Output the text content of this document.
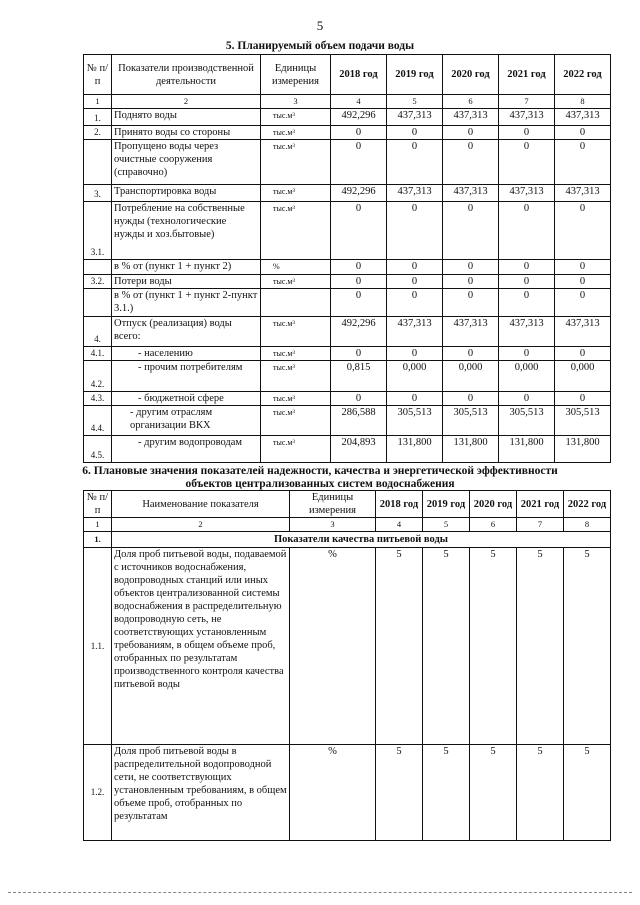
5
5. Планируемый объем подачи воды
№ п/п	Показатели производственной деятельности	Единицы измерения	2018 год	2019 год	2020 год	2021 год	2022 год
1	2	3	4	5	6	7	8
1.	Поднято воды	тыс.м³	492,296	437,313	437,313	437,313	437,313
2.	Принято воды со стороны	тыс.м³	0	0	0	0	0
	Пропущено воды через очистные сооружения (справочно)	тыс.м³	0	0	0	0	0
3.	Транспортировка воды	тыс.м³	492,296	437,313	437,313	437,313	437,313
3.1.	Потребление на собственные нужды (технологические нужды и хоз.бытовые)	тыс.м³	0	0	0	0	0
	в % от (пункт 1 + пункт 2)	%	0	0	0	0	0
3.2.	Потери воды	тыс.м³	0	0	0	0	0
	в % от (пункт 1 + пункт 2-пункт 3.1.)		0	0	0	0	0
4.	Отпуск (реализация) воды всего:	тыс.м³	492,296	437,313	437,313	437,313	437,313
4.1.	- населению	тыс.м³	0	0	0	0	0
4.2.	- прочим потребителям	тыс.м³	0,815	0,000	0,000	0,000	0,000
4.3.	- бюджетной сфере	тыс.м³	0	0	0	0	0
4.4.	- другим отраслям организации ВКХ	тыс.м³	286,588	305,513	305,513	305,513	305,513
4.5.	- другим водопроводам	тыс.м³	204,893	131,800	131,800	131,800	131,800
6. Плановые значения показателей надежности, качества и энергетической эффективности
объектов централизованных систем водоснабжения
№ п/п	Наименование показателя	Единицы измерения	2018 год	2019 год	2020 год	2021 год	2022 год
1	2	3	4	5	6	7	8
1.	Показатели качества питьевой воды						
1.1.	Доля проб питьевой воды, подаваемой с источников водоснабжения, водопроводных станций или иных объектов централизованной системы водоснабжения в распределительную водопроводную сеть, не соответствующих установленным требованиям, в общем объеме проб, отобранных по результатам производственного контроля качества питьевой воды	%	5	5	5	5	5
1.2.	Доля проб питьевой воды в распределительной водопроводной сети, не соответствующих установленным требованиям, в общем объеме проб, отобранных по результатам	%	5	5	5	5	5
